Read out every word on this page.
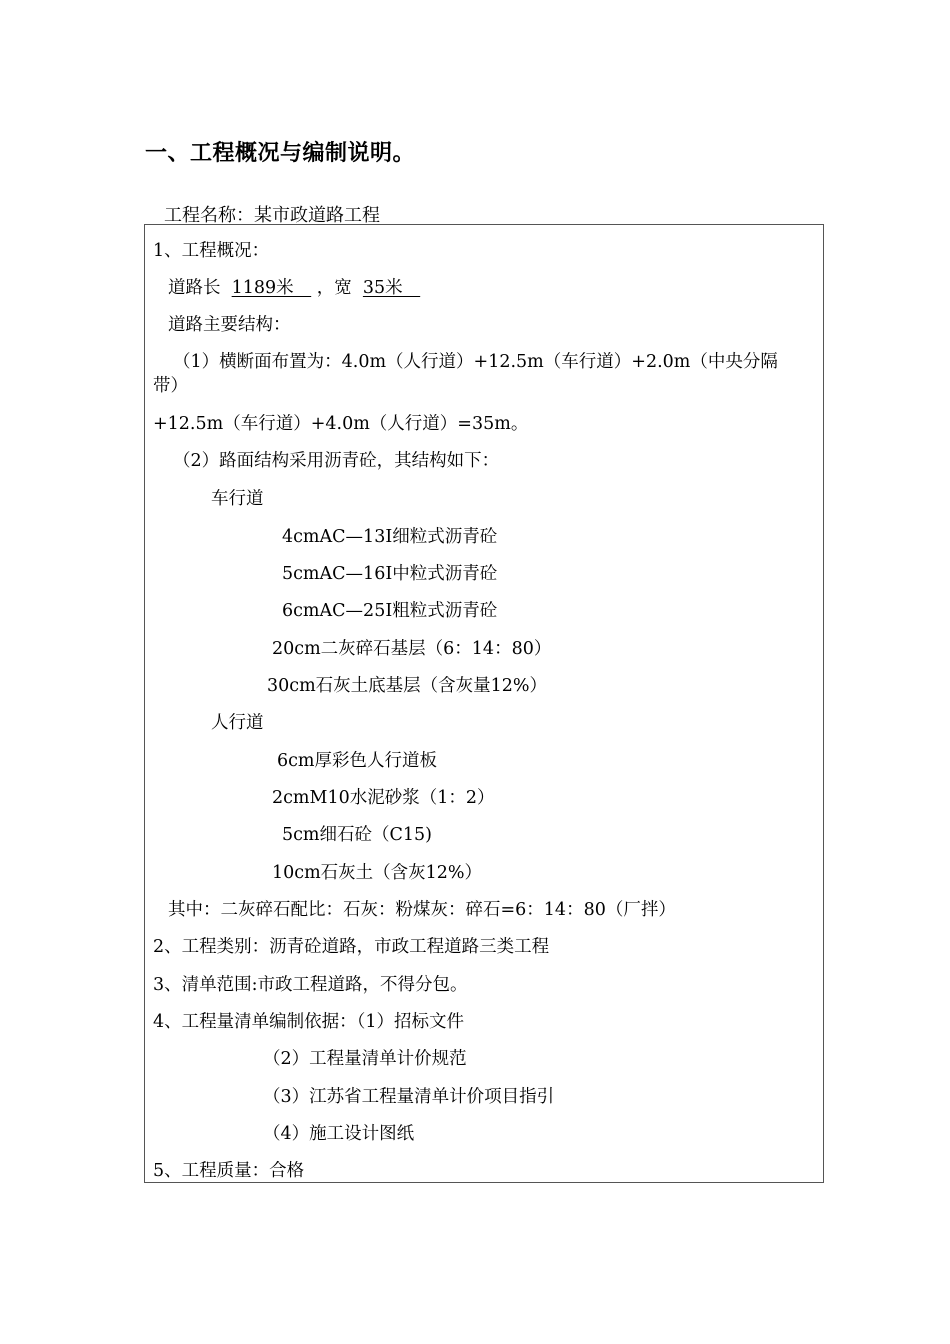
一、工程概况与编制说明。
工程名称：某市政道路工程
1、工程概况：
道路长 1189米　 ，宽 35米　
道路主要结构：
（1）横断面布置为：4.0m（人行道）+12.5m（车行道）+2.0m（中央分隔带）
+12.5m（车行道）+4.0m（人行道）=35m。
（2）路面结构采用沥青砼，其结构如下：
车行道
4cmAC—13I细粒式沥青砼
5cmAC—16I中粒式沥青砼
6cmAC—25I粗粒式沥青砼
20cm二灰碎石基层（6：14：80）
30cm石灰土底基层（含灰量12%）
人行道
6cm厚彩色人行道板
2cmM10水泥砂浆（1：2）
5cm细石砼（C15)
10cm石灰土（含灰12%）
其中：二灰碎石配比：石灰：粉煤灰：碎石=6：14：80（厂拌）
2、工程类别：沥青砼道路，市政工程道路三类工程
3、清单范围:市政工程道路，不得分包。
4、工程量清单编制依据：（1）招标文件
（2）工程量清单计价规范
（3）江苏省工程量清单计价项目指引
（4）施工设计图纸
5、工程质量：合格
